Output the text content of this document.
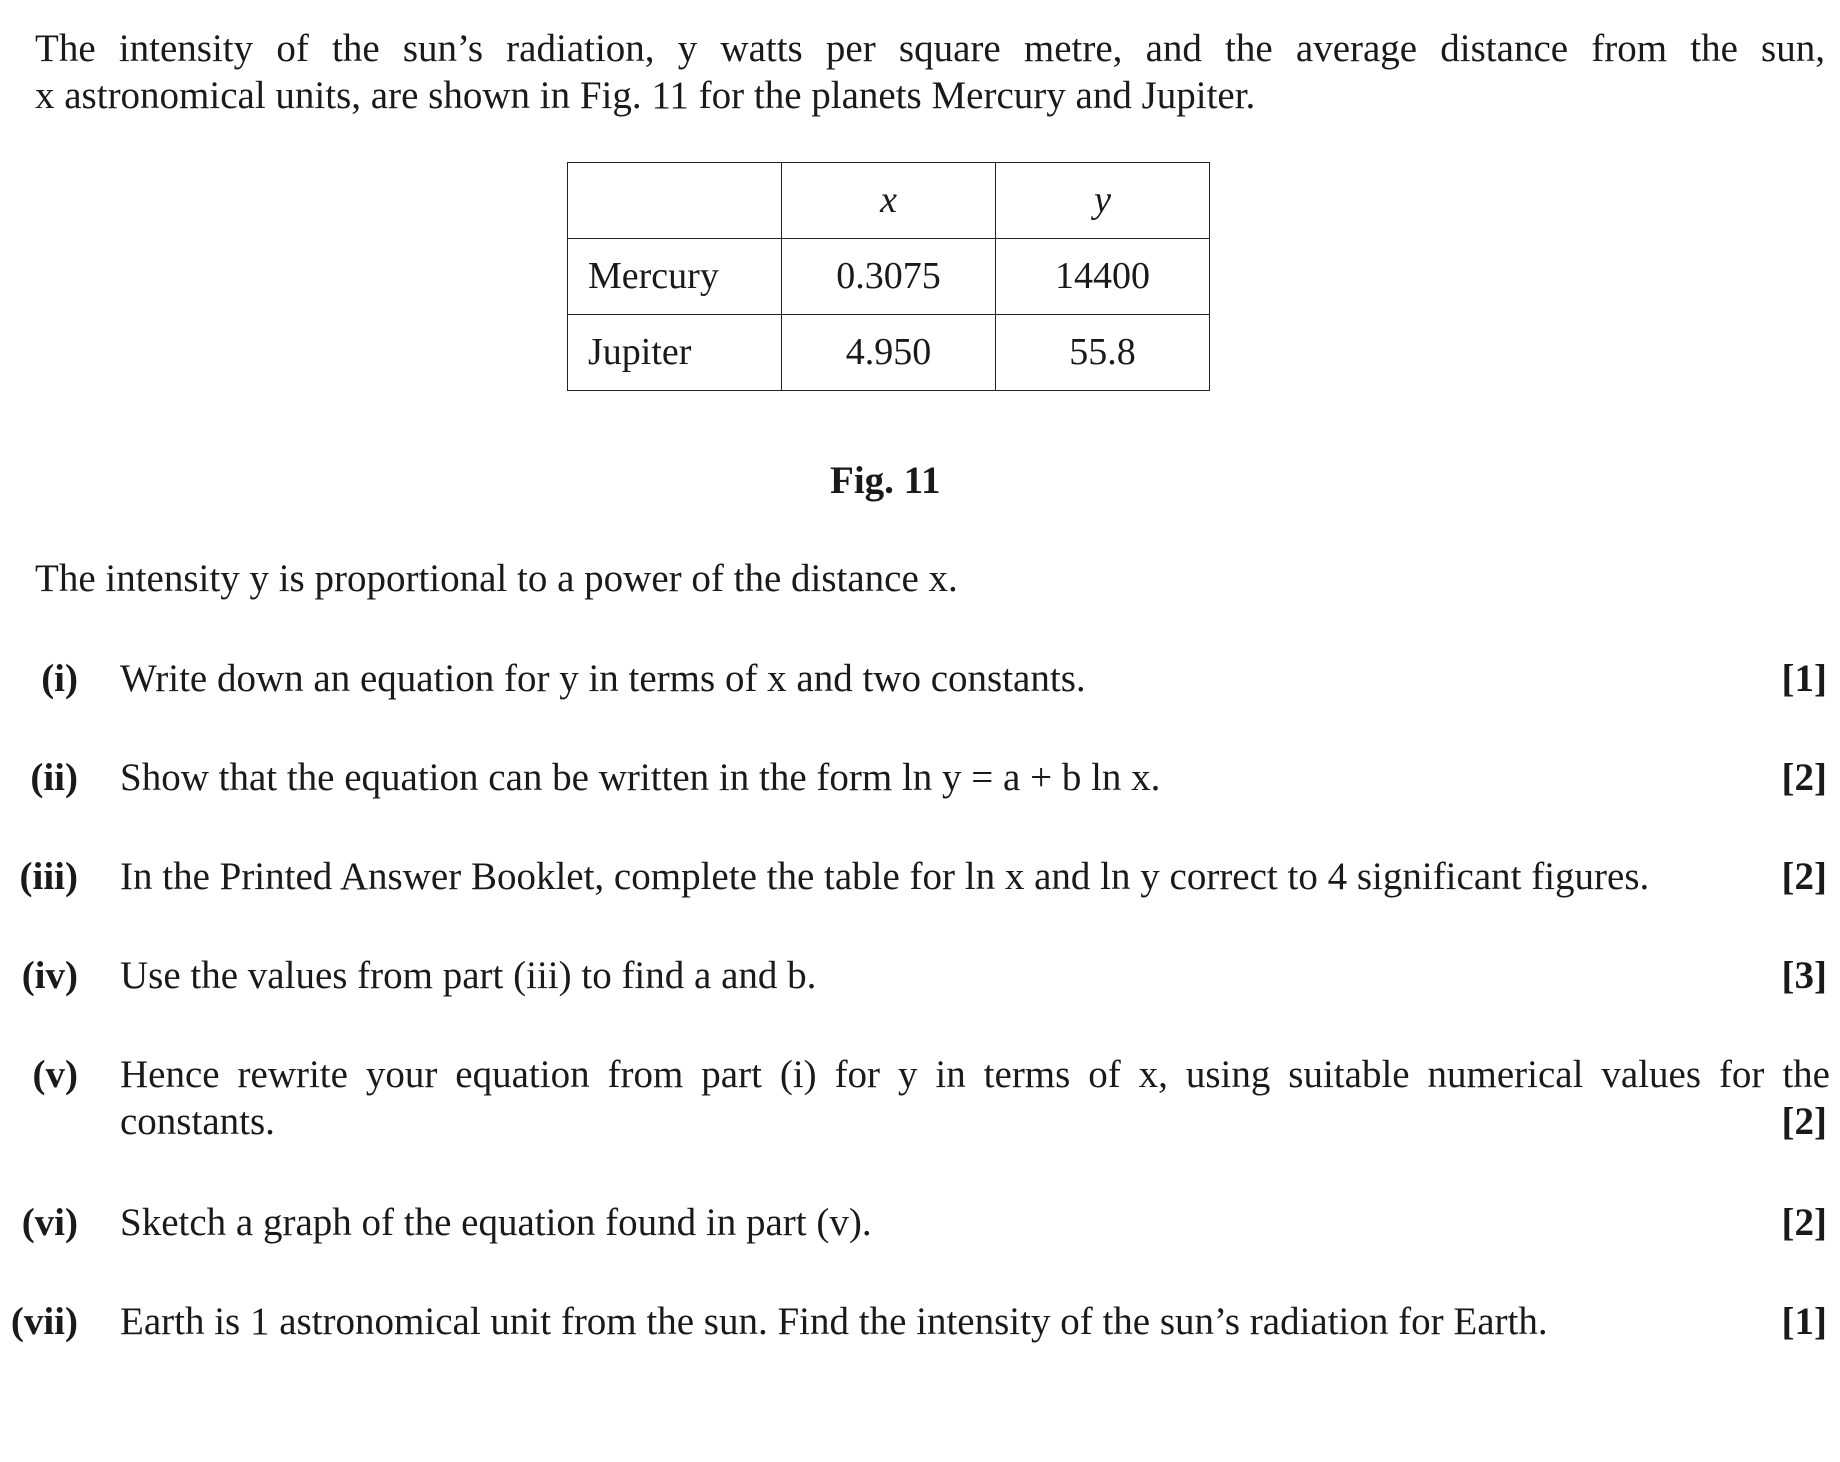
The intensity of the sun’s radiation, y watts per square metre, and the average distance from the sun,
x astronomical units, are shown in Fig. 11 for the planets Mercury and Jupiter.
	x	y
Mercury	0.3075	14400
Jupiter	4.950	55.8
Fig. 11
The intensity y is proportional to a power of the distance x.
(i) Write down an equation for y in terms of x and two constants.	[1]
(ii) Show that the equation can be written in the form ln y = a + b ln x.	[2]
(iii) In the Printed Answer Booklet, complete the table for ln x and ln y correct to 4 significant figures.	[2]
(iv) Use the values from part (iii) to find a and b.	[3]
(v) Hence rewrite your equation from part (i) for y in terms of x, using suitable numerical values for the
constants.	[2]
(vi) Sketch a graph of the equation found in part (v).	[2]
(vii) Earth is 1 astronomical unit from the sun. Find the intensity of the sun’s radiation for Earth.	[1]
